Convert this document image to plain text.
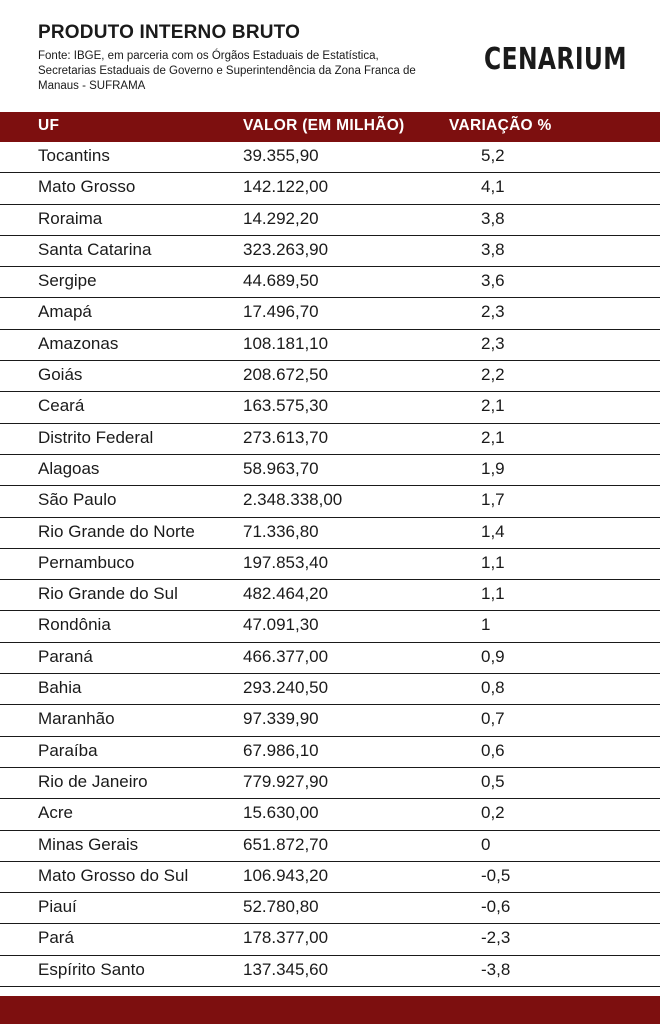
PRODUTO INTERNO BRUTO
Fonte: IBGE, em parceria com os Órgãos Estaduais de Estatística, Secretarias Estaduais de Governo e Superintendência da Zona Franca de Manaus - SUFRAMA
CENARIUM
UF	VALOR (EM MILHÃO)	VARIAÇÃO %
Tocantins	39.355,90	5,2
Mato Grosso	142.122,00	4,1
Roraima	14.292,20	3,8
Santa Catarina	323.263,90	3,8
Sergipe	44.689,50	3,6
Amapá	17.496,70	2,3
Amazonas	108.181,10	2,3
Goiás	208.672,50	2,2
Ceará	163.575,30	2,1
Distrito Federal	273.613,70	2,1
Alagoas	58.963,70	1,9
São Paulo	2.348.338,00	1,7
Rio Grande do Norte	71.336,80	1,4
Pernambuco	197.853,40	1,1
Rio Grande do Sul	482.464,20	1,1
Rondônia	47.091,30	1
Paraná	466.377,00	0,9
Bahia	293.240,50	0,8
Maranhão	97.339,90	0,7
Paraíba	67.986,10	0,6
Rio de Janeiro	779.927,90	0,5
Acre	15.630,00	0,2
Minas Gerais	651.872,70	0
Mato Grosso do Sul	106.943,20	-0,5
Piauí	52.780,80	-0,6
Pará	178.377,00	-2,3
Espírito Santo	137.345,60	-3,8
